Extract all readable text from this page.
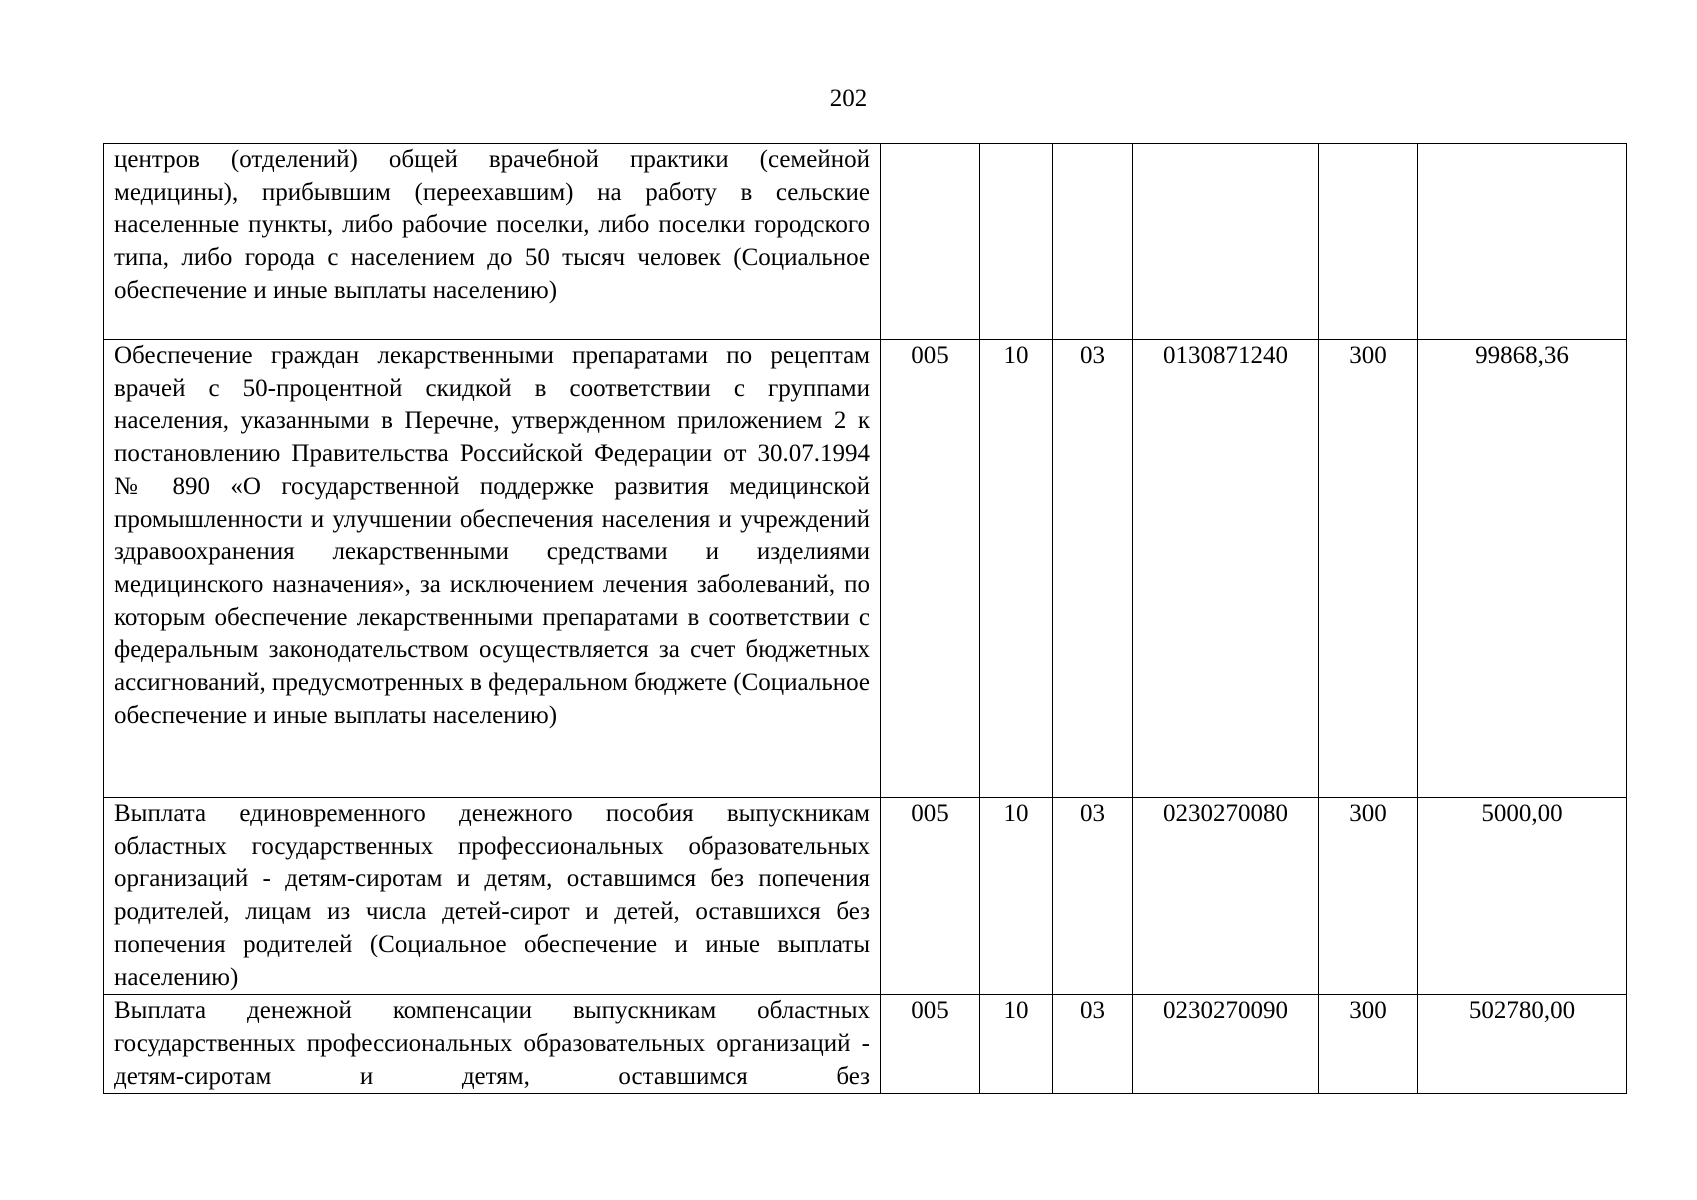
202
центров (отделений) общей врачебной практики (семейной медицины), прибывшим (переехавшим) на работу в сельские населенные пункты, либо рабочие поселки, либо поселки городского типа, либо города с населением до 50 тысяч человек (Социальное обеспечение и иные выплаты населению)						
Обеспечение граждан лекарственными препаратами по рецептам врачей с 50-процентной скидкой в соответствии с группами населения, указанными в Перечне, утвержденном приложением 2 к постановлению Правительства Российской Федерации от 30.07.1994 № 890 «О государственной поддержке развития медицинской промышленности и улучшении обеспечения населения и учреждений здравоохранения лекарственными средствами и изделиями медицинского назначения», за исключением лечения заболеваний, по которым обеспечение лекарственными препаратами в соответствии с федеральным законодательством осуществляется за счет бюджетных ассигнований, предусмотренных в федеральном бюджете (Социальное обеспечение и иные выплаты населению)	005	10	03	0130871240	300	99868,36
Выплата единовременного денежного пособия выпускникам областных государственных профессиональных образовательных организаций - детям-сиротам и детям, оставшимся без попечения родителей, лицам из числа детей-сирот и детей, оставшихся без попечения родителей (Социальное обеспечение и иные выплаты населению)	005	10	03	0230270080	300	5000,00
Выплата денежной компенсации выпускникам областных государственных профессиональных образовательных организаций - детям-сиротам и детям, оставшимся без	005	10	03	0230270090	300	502780,00
